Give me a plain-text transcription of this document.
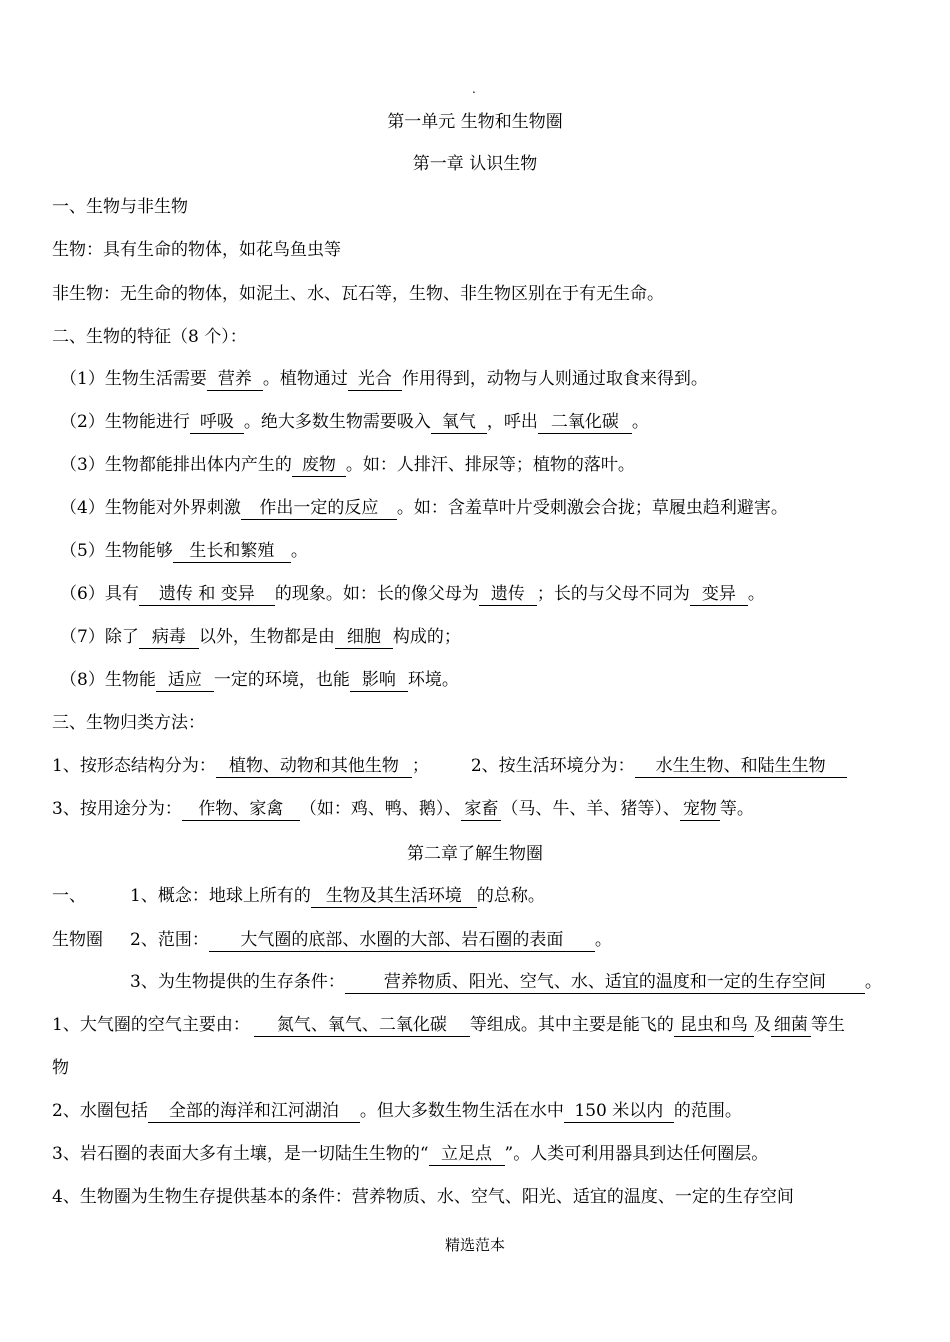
.
第一单元 生物和生物圈
第一章 认识生物
一、生物与非生物
生物：具有生命的物体，如花鸟鱼虫等
非生物：无生命的物体，如泥土、水、瓦石等，生物、非生物区别在于有无生命。
二、生物的特征（8 个）：
（1）生物生活需要 营养 。植物通过 光合 作用得到，动物与人则通过取食来得到。
（2）生物能进行 呼吸 。绝大多数生物需要吸入 氧气 ，呼出 二氧化碳 。
（3）生物都能排出体内产生的 废物 。如：人排汗、排尿等；植物的落叶。
（4）生物能对外界刺激 作出一定的反应 。如：含羞草叶片受刺激会合拢；草履虫趋利避害。
（5）生物能够 生长和繁殖 。
（6）具有 遗传 和 变异 的现象。如：长的像父母为 遗传 ；长的与父母不同为 变异 。
（7）除了 病毒 以外，生物都是由 细胞 构成的；
（8）生物能 适应 一定的环境，也能 影响 环境。
三、生物归类方法：
1、按形态结构分为： 植物、动物和其他生物 ； 2、按生活环境分为： 水生生物、和陆生生物
3、按用途分为： 作物、家禽 （如：鸡、鸭、鹅）、 家畜 （马、牛、羊、猪等）、 宠物 等。
第二章了解生物圈
一、	1、概念：地球上所有的 生物及其生活环境 的总称。
生物圈 2、范围： 大气圈的底部、水圈的大部、岩石圈的表面 。
3、为生物提供的生存条件： 营养物质、阳光、空气、水、适宜的温度和一定的生存空间 。
1、大气圈的空气主要由： 氮气、氧气、二氧化碳 等组成。其中主要是能飞的 昆虫和鸟 及 细菌 等生
物
2、水圈包括 全部的海洋和江河湖泊 。但大多数生物生活在水中 150 米以内 的范围。
3、岩石圈的表面大多有土壤，是一切陆生生物的“ 立足点 ”。人类可利用器具到达任何圈层。
4、生物圈为生物生存提供基本的条件：营养物质、水、空气、阳光、适宜的温度、一定的生存空间
精选范本
